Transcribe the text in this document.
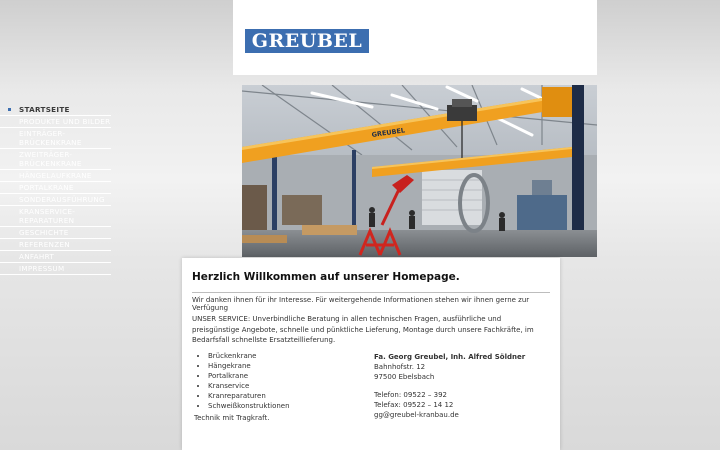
GREUBEL
STARTSEITE
PRODUKTE UND BILDER
EINTRÄGER-BRÜCKENKRANE
ZWEITRÄGER-BRÜCKENKRANE
HÄNGELAUFKRANE
PORTALKRANE
SONDERAUSFÜHRUNG
KRANSERVICE-REPARATUREN
GESCHICHTE
REFERENZEN
ANFAHRT
IMPRESSUM
GREUBEL
Herzlich Willkommen auf unserer Homepage.
Wir danken ihnen für ihr Interesse. Für weitergehende Informationen stehen wir ihnen gerne zur Verfügung

UNSER SERVICE: Unverbindliche Beratung in allen technischen Fragen, ausführliche und preisgünstige Angebote, schnelle und pünktliche Lieferung, Montage durch unsere Fachkräfte, im Bedarfsfall schnellste Ersatzteillieferung.

• Brückenkrane
• Hängekrane
• Portalkrane
• Kranservice
• Kranreparaturen
• Schweißkonstruktionen
Technik mit Tragkraft.
Fa. Georg Greubel, Inh. Alfred Söldner
Bahnhofstr. 12
97500 Ebelsbach
Telefon: 09522 – 392
Telefax: 09522 – 14 12
gg@greubel-kranbau.de
